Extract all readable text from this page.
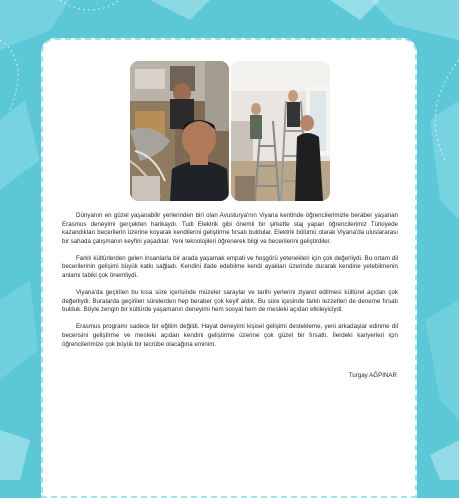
Dünyanın en güzel yaşanabilir yerlerinden biri olan Avusturya'nın Viyana kentinde öğrencilerimizle beraber yaşanan Erasmus deneyimi gerçekten harikaydı. Tudi Elektrik gibi önemli bir şirkette staj yapan öğrencilerimiz Türkiyede kazandıkları becerilerin üzerine koyarak kendilerini geliştirme fırsatı buldular. Elektrik bölümü olarak Viyana'da uluslararası bir sahada çalışmanın keyfini yaşadılar. Yeni teknolojileri öğrenerek bilgi ve becerilerini geliştirdiler.

Farklı kültürlerden gelen insanlarla bir arada yaşamak empati ve hoşgörü yetenekleri için çok değerliydi. Bu ortam dil becerilerinin gelişimi büyük katkı sağladı. Kendini ifade edebilme kendi ayakları üzerinde durarak kendine yetebilmenin anlamı tabiki çok önemliydi.

Viyana'da geçirilen bu kısa süre içerisinde müzeler saraylar ve tarihi yerlerini ziyaret edilmesi kültürel açıdan çok değerliydi. Buralarda geçirilen sürelerden hep beraber çok keyif aldık. Bu süre içesinde farklı lezzetleri de deneme fırsatı bulduk. Böyle zengin bir kültürde yaşamanın deneyimi hem sosyal hem de mesleki açıdan etkileyiciydi.

Erasmus programı sadece bir eğitim değildi. Hayat deneyimi kişisel gelişimi destekleme, yeni arkadaşlar edinme dil becerisini geliştirme ve mesleki açıdan kendini geliştirme üzerine çok güzel bir fırsattı. İlerdeki kariyerleri için öğrencilerimize çok büyük bir tecrübe olacağına eminim.

Turgay AĞPINAR
